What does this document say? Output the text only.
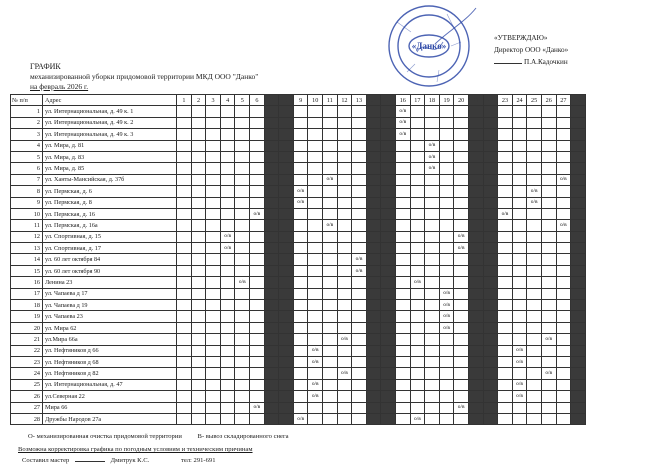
«Данко»
«УТВЕРЖДАЮ»
Директор ООО «Данко»
П.А.Кадочкин
ГРАФИК
механизированной уборки придомовой территории МКД ООО "Данко"
на февраль 2026 г.
№ п/п	Адрес	1	2	3	4	5	6	7	8	9	10	11	12	13	14	15	16	17	18	19	20	21	22	23	24	25	26	27	28
1	ул. Интернациональная, д. 49 к. 1																о/в												
2	ул. Интернациональная, д. 49 к. 2																о/в												
3	ул. Интернациональная, д. 49 к. 3																о/в												
4	ул. Мира, д. 81																		о/в										
5	ул. Мира, д. 83																		о/в										
6	ул. Мира, д. 85																		о/в										
7	ул. Ханты-Мансийская, д. 37б											о/в																о/в	
8	ул. Пермская, д. 6									о/в																о/в			
9	ул. Пермская, д. 8									о/в																о/в			
10	ул. Пермская, д. 16						о/в																	о/в					
11	ул. Пермская, д. 16а											о/в																о/в	
12	ул. Спортивная, д. 15				о/в																о/в								
13	ул. Спортивная, д. 17				о/в																о/в								
14	ул. 60 лет октября 84													о/в															
15	ул. 60 лет октября 90													о/в															
16	Ленина 23					о/в												о/в											
17	ул. Чапаева д 17																			о/в									
18	ул. Чапаева д 19																			о/в									
19	ул. Чапаева 23																			о/в									
20	ул. Мира 62																			о/в									
21	ул.Мира 66а												о/в														о/в		
22	ул. Нефтяников д 66										о/в														о/в				
23	ул. Нефтяников д 68										о/в														о/в				
24	ул. Нефтяников д 82												о/в														о/в		
25	ул. Интернациональная, д. 47										о/в														о/в				
26	ул.Северная 22										о/в														о/в				
27	Мира 66						о/в														о/в								
28	Дружбы Народов 27а									о/в								о/в											
О- механизированная очистка придомовой территории В- вывоз складированного снега
Возможна корректировка графика по погодным условиям и техническим причинам
Составил мастер	Дмитрук К.С.	тел: 291-691
